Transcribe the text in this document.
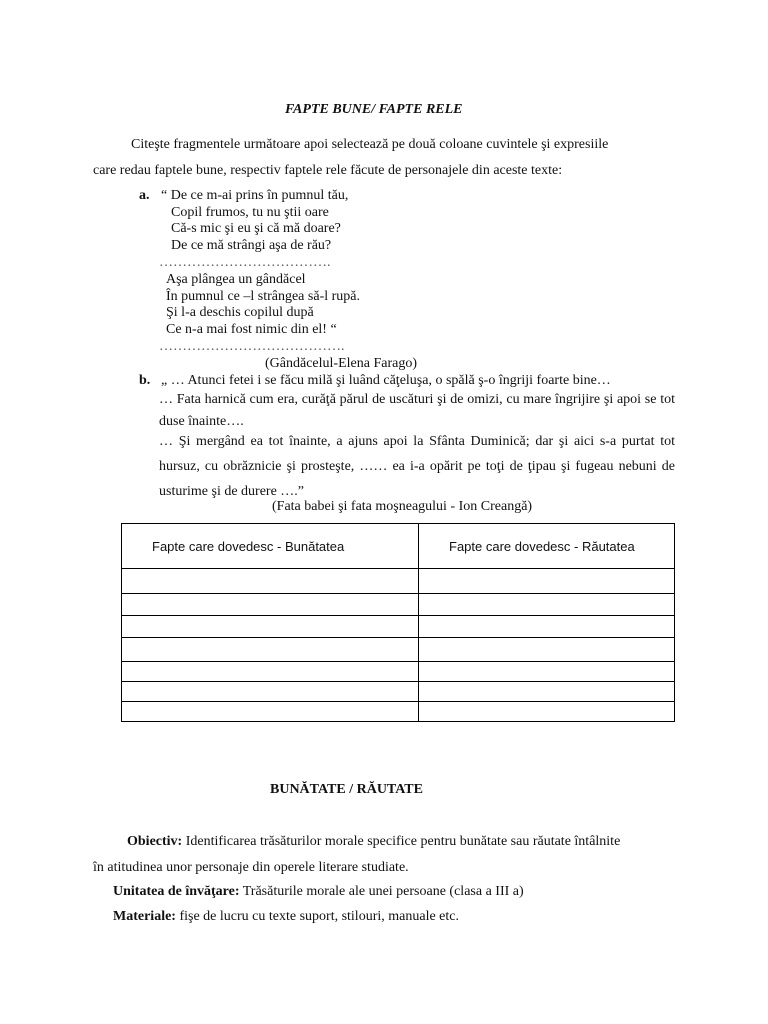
FAPTE BUNE/ FAPTE RELE
Citeşte fragmentele următoare apoi selectează pe două coloane cuvintele şi expresiile
care redau faptele bune, respectiv faptele rele făcute de personajele din aceste texte:
a. “ De ce m-ai prins în pumnul tău,
Copil frumos, tu nu ştii oare
Că-s mic şi eu şi că mă doare?
De ce mă strângi aşa de rău?
……………………………….
Aşa plângea un gândăcel
În pumnul ce –l strângea să-l rupă.
Şi l-a deschis copilul după
Ce n-a mai fost nimic din el! “
………………………………….
(Gândăcelul-Elena Farago)
b. „ … Atunci fetei i se făcu milă şi luând căţeluşa, o spălă ş-o îngriji foarte bine…
… Fata harnică cum era, curăţă părul de uscături şi de omizi, cu mare îngrijire şi apoi se tot duse înainte….
… Şi mergând ea tot înainte, a ajuns apoi la Sfânta Duminică; dar şi aici s-a purtat tot hursuz, cu obrăznicie şi prosteşte, …… ea i-a opărit pe toţi de ţipau şi fugeau nebuni de usturime şi de durere ….”
(Fata babei şi fata moşneagului - Ion Creangă)
Fapte care dovedesc - Bunătatea	Fapte care dovedesc - Răutatea

BUNĂTATE / RĂUTATE
Obiectiv: Identificarea trăsăturilor morale specifice pentru bunătate sau răutate întâlnite
în atitudinea unor personaje din operele literare studiate.
Unitatea de învăţare: Trăsăturile morale ale unei persoane (clasa a III a)
Materiale: fişe de lucru cu texte suport, stilouri, manuale etc.
